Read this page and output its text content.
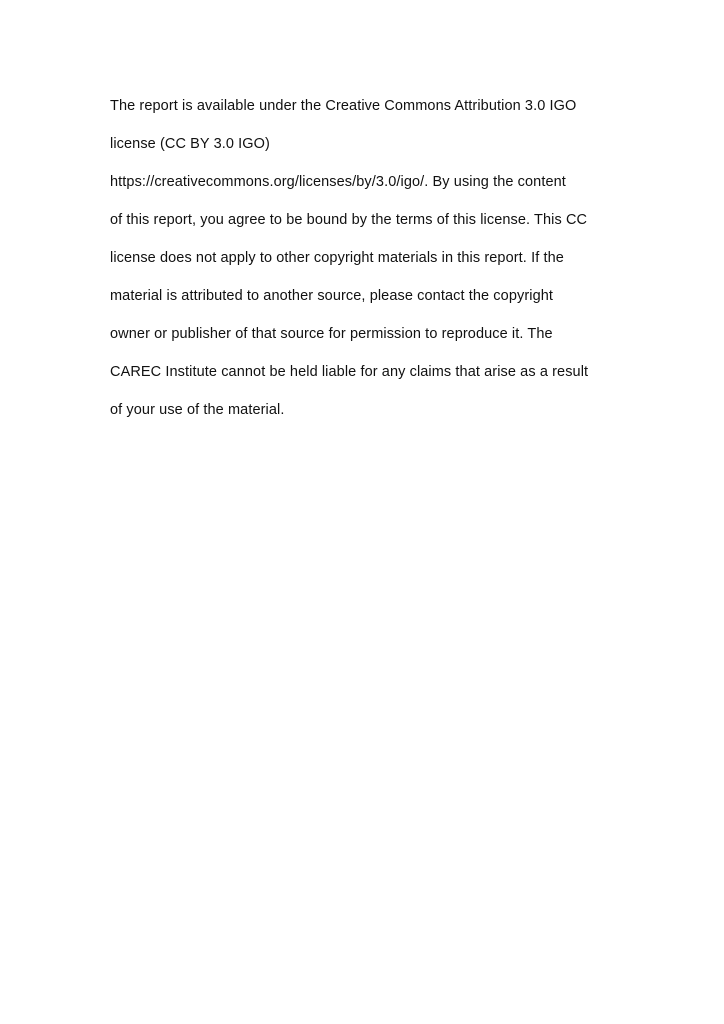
The report is available under the Creative Commons Attribution 3.0 IGO
license (CC BY 3.0 IGO)
https://creativecommons.org/licenses/by/3.0/igo/. By using the content
of this report, you agree to be bound by the terms of this license. This CC
license does not apply to other copyright materials in this report. If the
material is attributed to another source, please contact the copyright
owner or publisher of that source for permission to reproduce it. The
CAREC Institute cannot be held liable for any claims that arise as a result
of your use of the material.
